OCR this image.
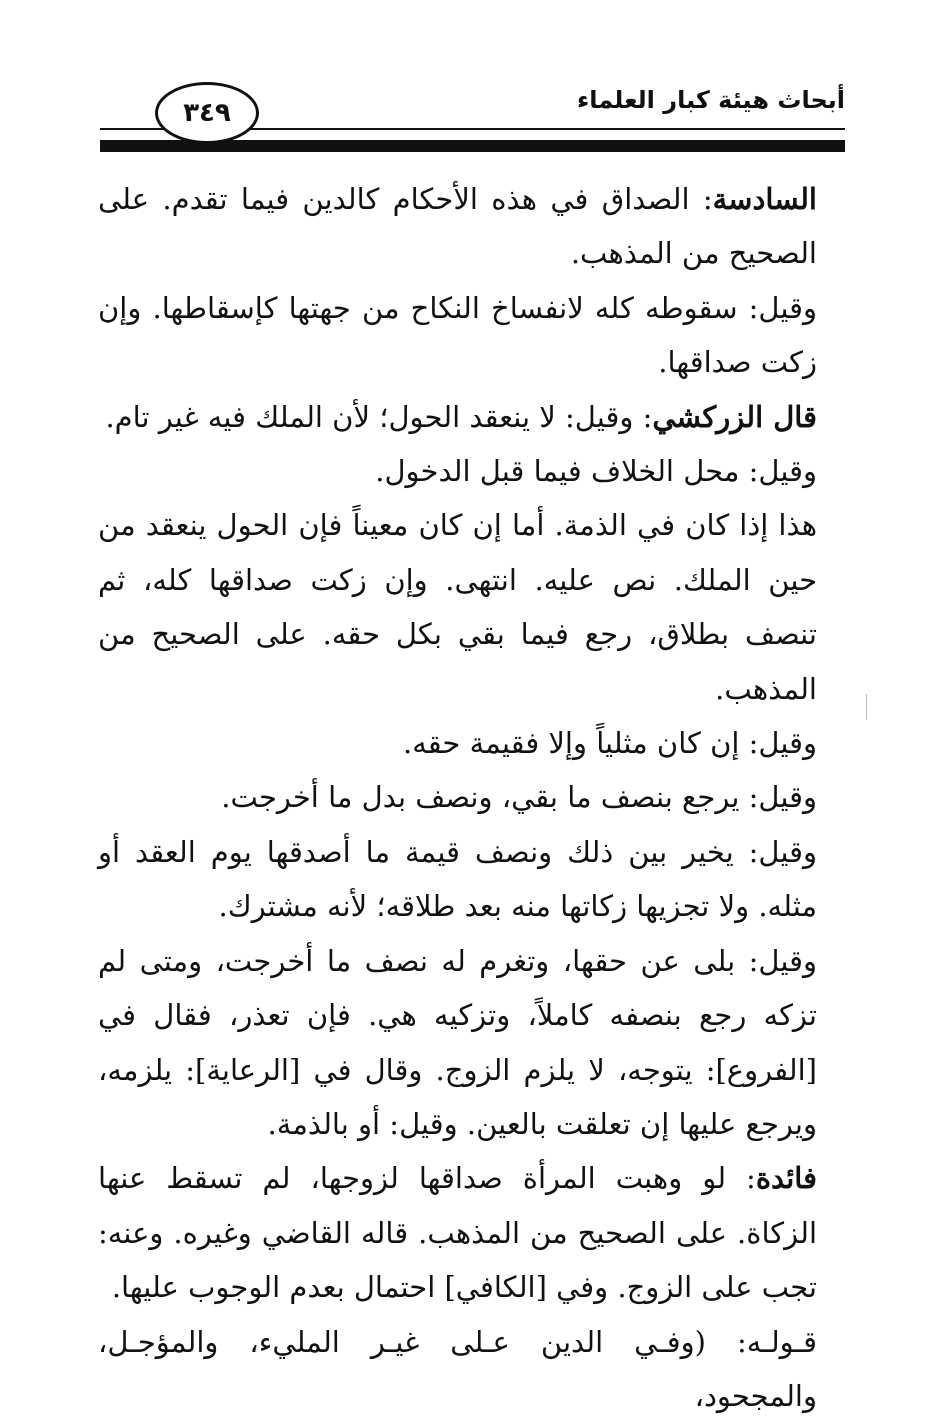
أبحاث هيئة كبار العلماء
٣٤٩

السادسة: الصداق في هذه الأحكام كالدين فيما تقدم. على الصحيح من المذهب.

وقيل: سقوطه كله لانفساخ النكاح من جهتها كإسقاطها. وإن زكت صداقها.

قال الزركشي: وقيل: لا ينعقد الحول؛ لأن الملك فيه غير تام.

وقيل: محل الخلاف فيما قبل الدخول.

هذا إذا كان في الذمة. أما إن كان معيناً فإن الحول ينعقد من حين الملك. نص عليه. انتهى. وإن زكت صداقها كله، ثم تنصف بطلاق، رجع فيما بقي بكل حقه. على الصحيح من المذهب.

وقيل: إن كان مثلياً وإلا فقيمة حقه.

وقيل: يرجع بنصف ما بقي، ونصف بدل ما أخرجت.

وقيل: يخير بين ذلك ونصف قيمة ما أصدقها يوم العقد أو مثله. ولا تجزيها زكاتها منه بعد طلاقه؛ لأنه مشترك.

وقيل: بلى عن حقها، وتغرم له نصف ما أخرجت، ومتى لم تزكه رجع بنصفه كاملاً، وتزكيه هي. فإن تعذر، فقال في [الفروع]: يتوجه، لا يلزم الزوج. وقال في [الرعاية]: يلزمه، ويرجع عليها إن تعلقت بالعين. وقيل: أو بالذمة.

فائدة: لو وهبت المرأة صداقها لزوجها، لم تسقط عنها الزكاة. على الصحيح من المذهب. قاله القاضي وغيره. وعنه: تجب على الزوج. وفي [الكافي] احتمال بعدم الوجوب عليها.

قـولـه: (وفـي الدين عـلى غيـر المليء، والمؤجـل، والمجحود،
